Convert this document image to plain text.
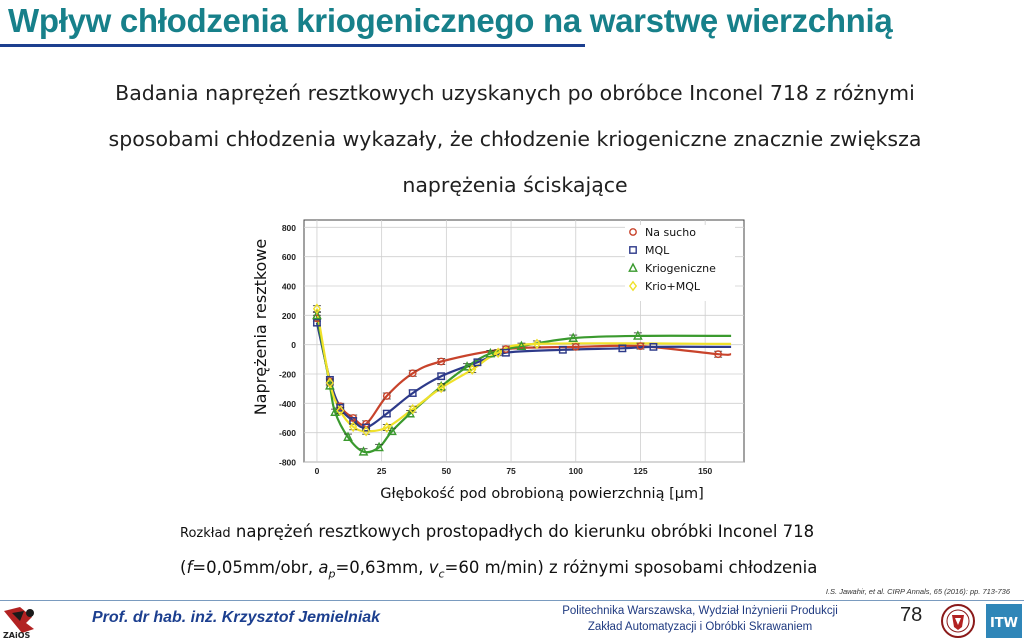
Wpływ chłodzenia kriogenicznego na warstwę wierzchnią
Badania naprężeń resztkowych uzyskanych po obróbce Inconel 718 z różnymi
sposobami chłodzenia wykazały, że chłodzenie kriogeniczne znacznie zwiększa
naprężenia ściskające
800
600
400
200
0
-200
-400
-600
-800
0	25	50	75	100	125	150
Na sucho
MQL
Kriogeniczne
Krio+MQL
Naprężenia resztkowe
Głębokość pod obrobioną powierzchnią [μm]
Rozkład naprężeń resztkowych prostopadłych do kierunku obróbki Inconel 718
(f=0,05mm/obr, $a_p=0,63mm$, $v_c=60$ m/min) z różnymi sposobami chłodzenia
I.S. Jawahir, et al. CIRP Annals, 65 (2016): pp. 713-736
ZAiOS
Prof. dr hab. inż. Krzysztof Jemielniak	Politechnika Warszawska, Wydział Inżynierii Produkcji
Zakład Automatyzacji i Obróbki Skrawaniem
78	ITW
